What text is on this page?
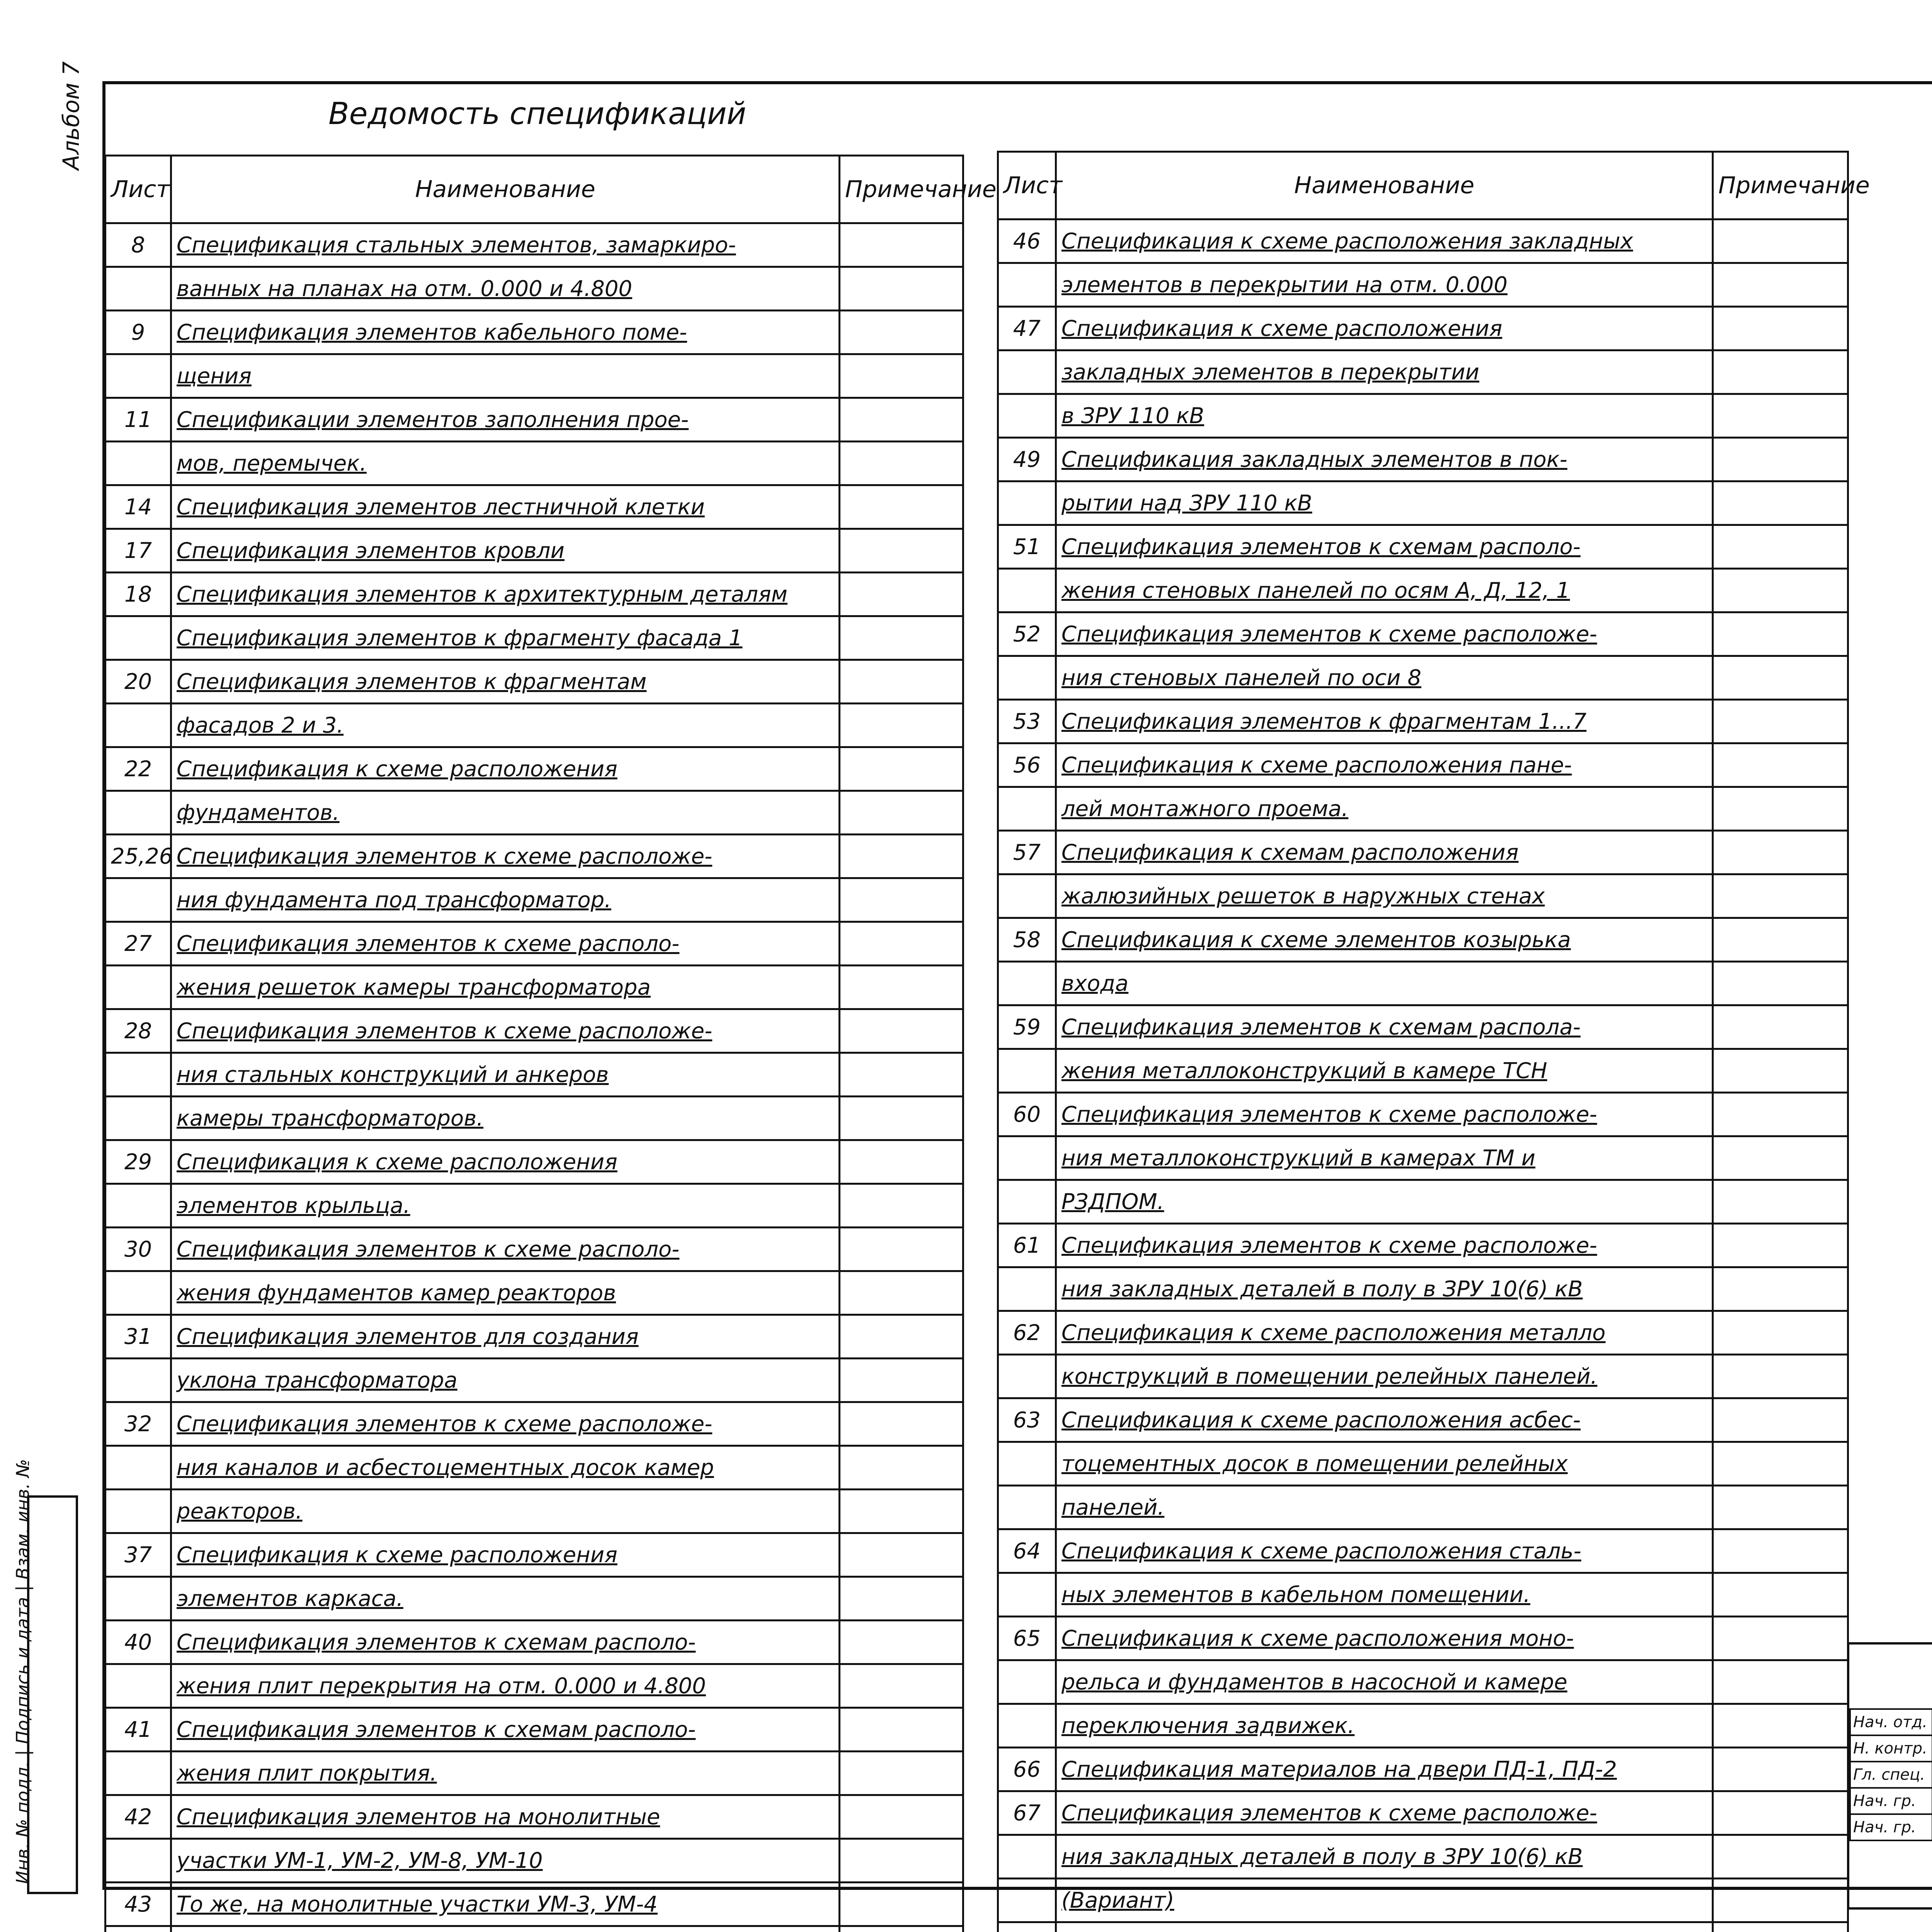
Альбом 7	Ведомость спецификаций
Инв. № подл. | Подпись и дата | Взам. инв. №
Лист	Наименование	Примечание
8	Спецификация стальных элементов, замаркиро-	
	ванных на планах на отм. 0.000 и 4.800	
9	Спецификация элементов кабельного поме-	
	щения	
11	Спецификации элементов заполнения прое-	
	мов, перемычек.	
14	Спецификация элементов лестничной клетки	
17	Спецификация элементов кровли	
18	Спецификация элементов к архитектурным деталям	
	Спецификация элементов к фрагменту фасада 1	
20	Спецификация элементов к фрагментам	
	фасадов 2 и 3.	
22	Спецификация к схеме расположения	
	фундаментов.	
25,26	Спецификация элементов к схеме расположе-	
	ния фундамента под трансформатор.	
27	Спецификация элементов к схеме располо-	
	жения решеток камеры трансформатора	
28	Спецификация элементов к схеме расположе-	
	ния стальных конструкций и анкеров	
	камеры трансформаторов.	
29	Спецификация к схеме расположения	
	элементов крыльца.	
30	Спецификация элементов к схеме располо-	
	жения фундаментов камер реакторов	
31	Спецификация элементов для создания	
	уклона трансформатора	
32	Спецификация элементов к схеме расположе-	
	ния каналов и асбестоцементных досок камер	
	реакторов.	
37	Спецификация к схеме расположения	
	элементов каркаса.	
40	Спецификация элементов к схемам располо-	
	жения плит перекрытия на отм. 0.000 и 4.800	
41	Спецификация элементов к схемам располо-	
	жения плит покрытия.	
42	Спецификация элементов на монолитные	
	участки УМ-1, УМ-2, УМ-8, УМ-10	
43	То же, на монолитные участки УМ-3, УМ-4	

Лист	Наименование	Примечание
46	Спецификация к схеме расположения закладных	
	элементов в перекрытии на отм. 0.000	
47	Спецификация к схеме расположения	
	закладных элементов в перекрытии	
	в ЗРУ 110 кВ	
49	Спецификация закладных элементов в пок-	
	рытии над ЗРУ 110 кВ	
51	Спецификация элементов к схемам располо-	
	жения стеновых панелей по осям А, Д, 12, 1	
52	Спецификация элементов к схеме расположе-	
	ния стеновых панелей по оси 8	
53	Спецификация элементов к фрагментам 1...7	
56	Спецификация к схеме расположения пане-	
	лей монтажного проема.	
57	Спецификация к схемам расположения	
	жалюзийных решеток в наружных стенах	
58	Спецификация к схеме элементов козырька	
	входа	
59	Спецификация элементов к схемам распола-	
	жения металлоконструкций в камере ТСН	
60	Спецификация элементов к схеме расположе-	
	ния металлоконструкций в камерах ТМ и	
	РЗДПОМ.	
61	Спецификация элементов к схеме расположе-	
	ния закладных деталей в полу в ЗРУ 10(6) кВ	
62	Спецификация к схеме расположения металло	
	конструкций в помещении релейных панелей.	
63	Спецификация к схеме расположения асбес-	
	тоцементных досок в помещении релейных	
	панелей.	
64	Спецификация к схеме расположения сталь-	
	ных элементов в кабельном помещении.	
65	Спецификация к схеме расположения моно-	
	рельса и фундаментов в насосной и камере	
	переключения задвижек.	
66	Спецификация материалов на двери ПД-1, ПД-2	
67	Спецификация элементов к схеме расположе-	
	ния закладных деталей в полу в ЗРУ 10(6) кВ	
	(Вариант)	

Нач. отд.			
Н. контр.			
Гл. спец.			
Нач. гр.			
Нач. гр.			
